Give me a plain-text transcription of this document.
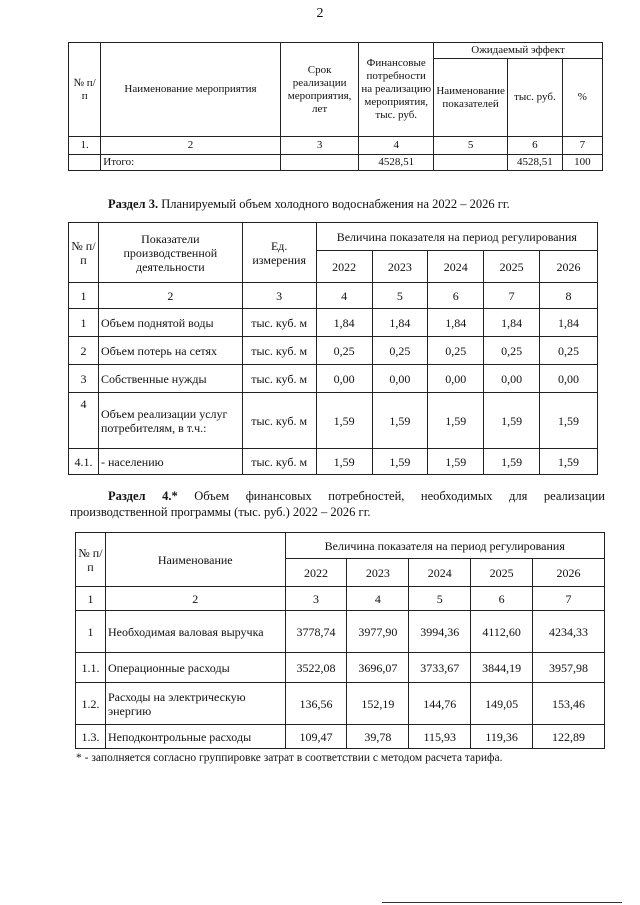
2
№ п/п	Наименование мероприятия	Срок реализации мероприятия, лет	Финансовые потребности на реализацию мероприятия, тыс. руб.	Ожидаемый эффект		
				Наименование показателей	тыс. руб.	%
1.	2	3	4	5	6	7
	Итого:		4528,51		4528,51	100
Раздел 3. Планируемый объем холодного водоснабжения на 2022 – 2026 гг.
№ п/п	Показатели производственной деятельности	Ед. измерения	Величина показателя на период регулирования				
			2022	2023	2024	2025	2026
1	2	3	4	5	6	7	8
1	Объем поднятой воды	тыс. куб. м	1,84	1,84	1,84	1,84	1,84
2	Объем потерь на сетях	тыс. куб. м	0,25	0,25	0,25	0,25	0,25
3	Собственные нужды	тыс. куб. м	0,00	0,00	0,00	0,00	0,00
4	Объем реализации услуг потребителям, в т.ч.:	тыс. куб. м	1,59	1,59	1,59	1,59	1,59
4.1.	- населению	тыс. куб. м	1,59	1,59	1,59	1,59	1,59
Раздел 4.* Объем финансовых потребностей, необходимых для реализации производственной программы (тыс. руб.) 2022 – 2026 гг.
№ п/п	Наименование	Величина показателя на период регулирования				
		2022	2023	2024	2025	2026
1	2	3	4	5	6	7
1	Необходимая валовая выручка	3778,74	3977,90	3994,36	4112,60	4234,33
1.1.	Операционные расходы	3522,08	3696,07	3733,67	3844,19	3957,98
1.2.	Расходы на электрическую энергию	136,56	152,19	144,76	149,05	153,46
1.3.	Неподконтрольные расходы	109,47	39,78	115,93	119,36	122,89
* - заполняется согласно группировке затрат в соответствии с методом расчета тарифа.
